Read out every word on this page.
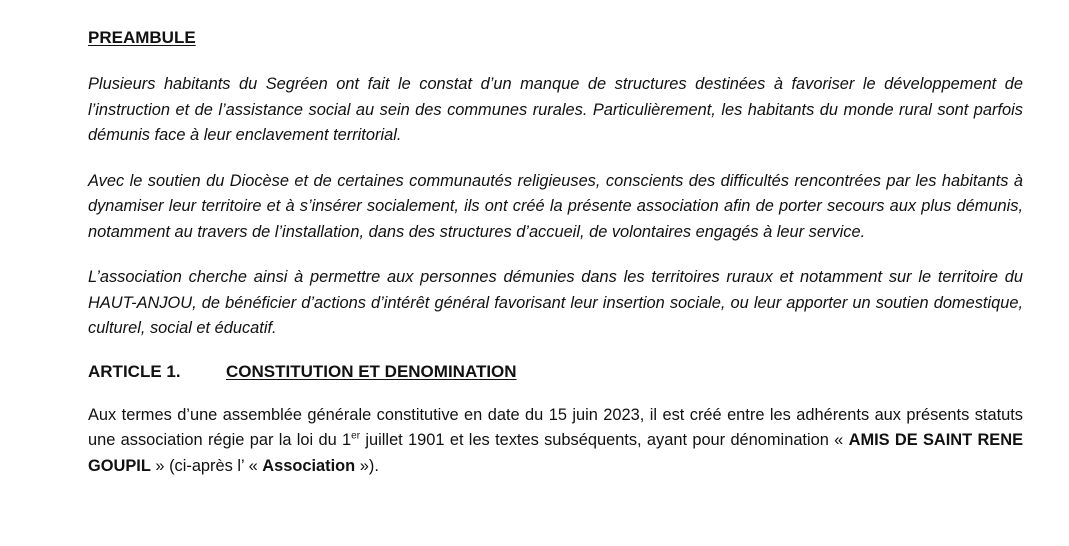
PREAMBULE

Plusieurs habitants du Segréen ont fait le constat d’un manque de structures destinées à favoriser le développement de l’instruction et de l’assistance social au sein des communes rurales. Particulièrement, les habitants du monde rural sont parfois démunis face à leur enclavement territorial.

Avec le soutien du Diocèse et de certaines communautés religieuses, conscients des difficultés rencontrées par les habitants à dynamiser leur territoire et à s’insérer socialement, ils ont créé la présente association afin de porter secours aux plus démunis, notamment au travers de l’installation, dans des structures d’accueil, de volontaires engagés à leur service.

L’association cherche ainsi à permettre aux personnes démunies dans les territoires ruraux et notamment sur le territoire du HAUT-ANJOU, de bénéficier d’actions d’intérêt général favorisant leur insertion sociale, ou leur apporter un soutien domestique, culturel, social et éducatif.

ARTICLE 1.	CONSTITUTION ET DENOMINATION

Aux termes d’une assemblée générale constitutive en date du 15 juin 2023, il est créé entre les adhérents aux présents statuts une association régie par la loi du 1er juillet 1901 et les textes subséquents, ayant pour dénomination « AMIS DE SAINT RENE GOUPIL » (ci-après l’ « Association »).
